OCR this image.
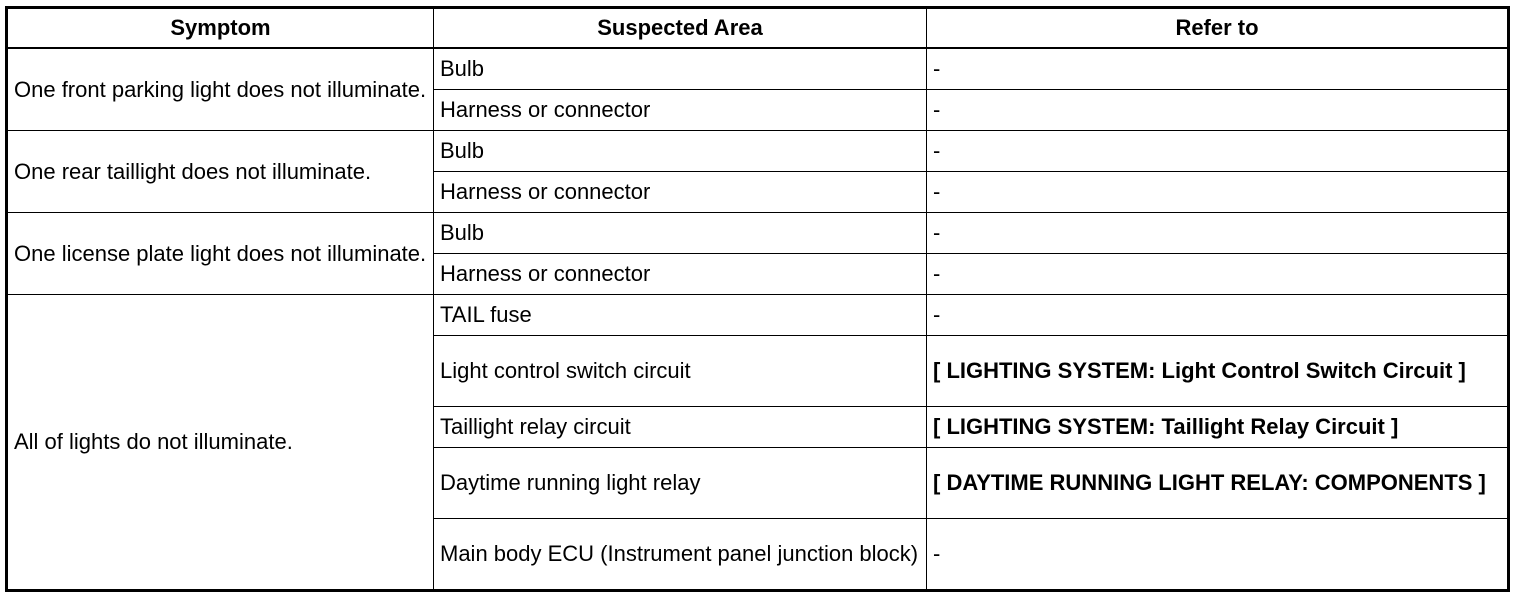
Symptom	Suspected Area	Refer to
One front parking light does not illuminate.	Bulb	-
	Harness or connector	-
One rear taillight does not illuminate.	Bulb	-
	Harness or connector	-
One license plate light does not illuminate.	Bulb	-
	Harness or connector	-
All of lights do not illuminate.	TAIL fuse	-
	Light control switch circuit	[ LIGHTING SYSTEM: Light Control Switch Circuit ]
	Taillight relay circuit	[ LIGHTING SYSTEM: Taillight Relay Circuit ]
	Daytime running light relay	[ DAYTIME RUNNING LIGHT RELAY: COMPONENTS ]
	Main body ECU (Instrument panel junction block)	-
